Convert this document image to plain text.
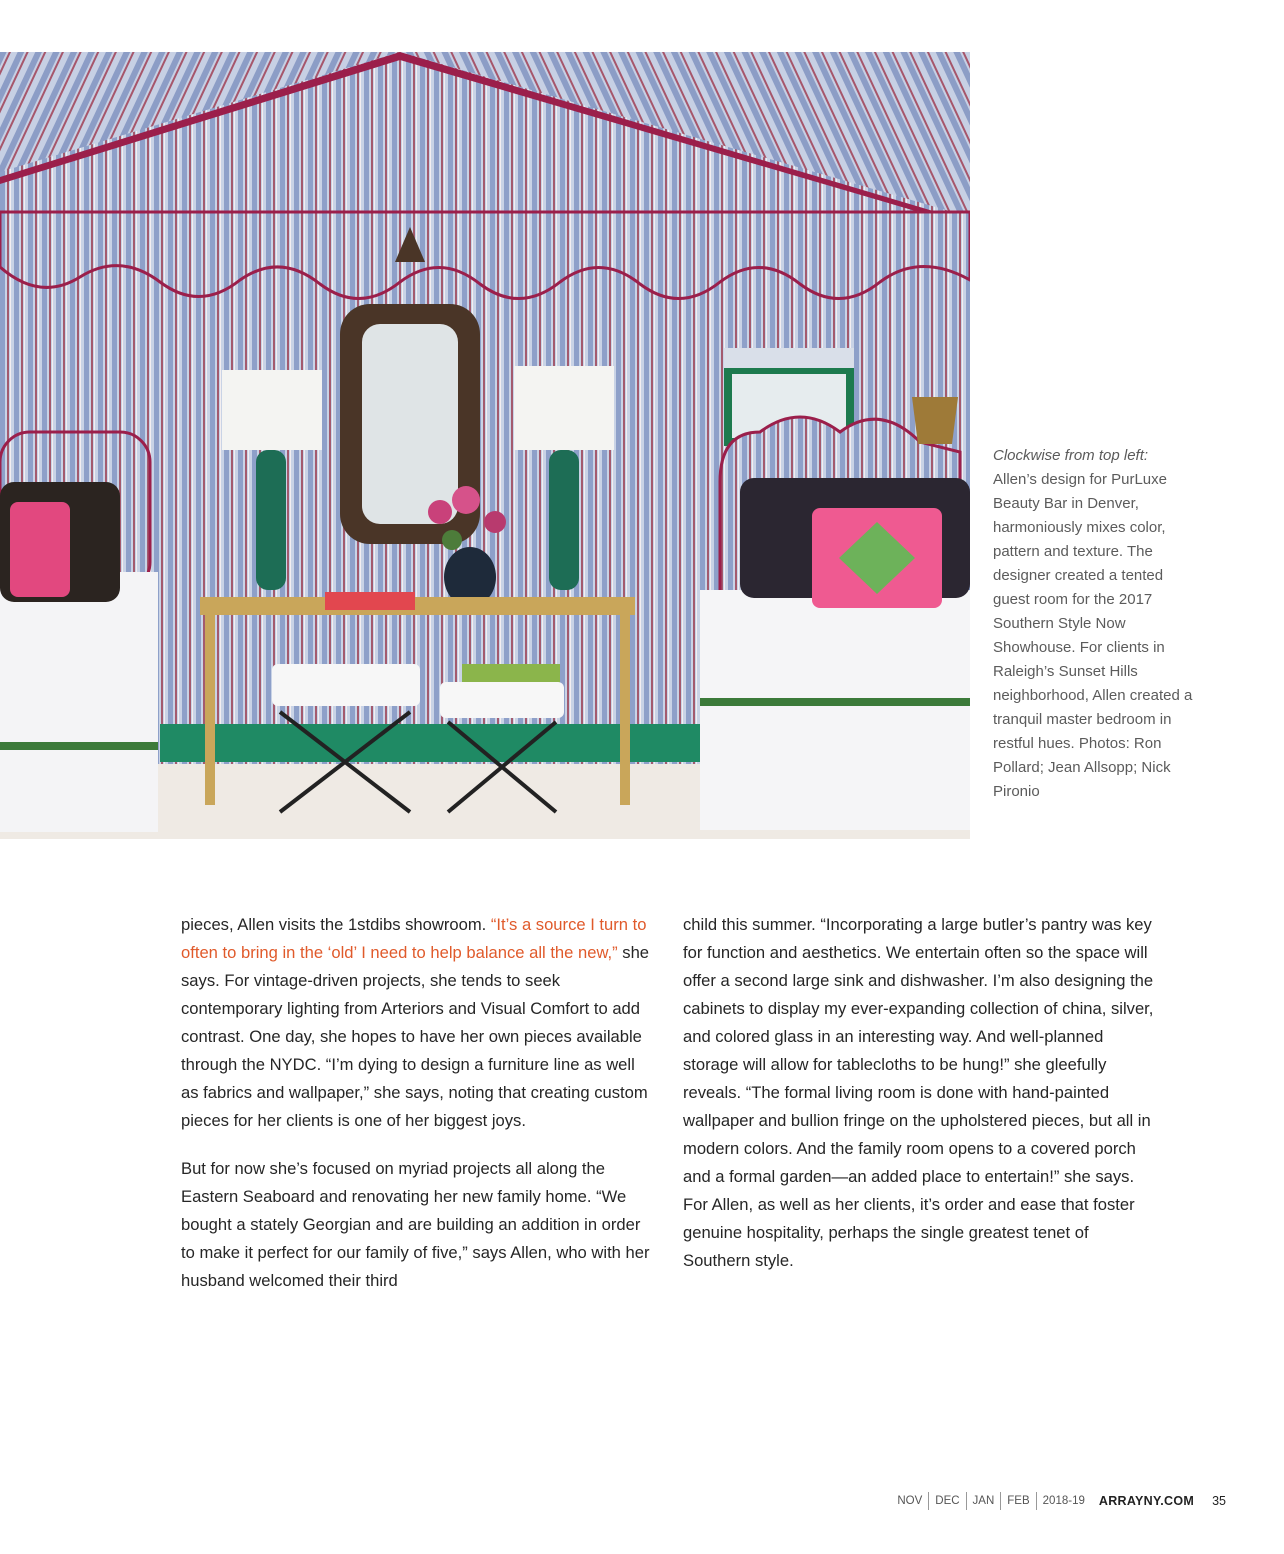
Clockwise from top left:
Allen’s design for PurLuxe Beauty Bar in Denver, harmoniously mixes color, pattern and texture. The designer created a tented guest room for the 2017 Southern Style Now Showhouse. For clients in Raleigh’s Sunset Hills neighborhood, Allen created a tranquil master bedroom in restful hues. Photos: Ron Pollard; Jean Allsopp; Nick Pironio

pieces, Allen visits the 1stdibs showroom. “It’s a source I turn to often to bring in the ‘old’ I need to help balance all the new,” she says. For vintage-driven projects, she tends to seek contemporary lighting from Arteriors and Visual Comfort to add contrast. One day, she hopes to have her own pieces available through the NYDC. “I’m dying to design a furniture line as well as fabrics and wallpaper,” she says, noting that creating custom pieces for her clients is one of her biggest joys.

But for now she’s focused on myriad projects all along the Eastern Seaboard and renovating her new family home. “We bought a stately Georgian and are building an addition in order to make it perfect for our family of five,” says Allen, who with her husband welcomed their third

child this summer. “Incorporating a large butler’s pantry was key for function and aesthetics. We entertain often so the space will offer a second large sink and dishwasher. I’m also designing the cabinets to display my ever-expanding collection of china, silver, and colored glass in an interesting way. And well-planned storage will allow for tablecloths to be hung!” she gleefully reveals. “The formal living room is done with hand-painted wallpaper and bullion fringe on the upholstered pieces, but all in modern colors. And the family room opens to a covered porch and a formal garden—an added place to entertain!” she says. For Allen, as well as her clients, it’s order and ease that foster genuine hospitality, perhaps the single greatest tenet of Southern style.

NOV	DEC	JAN	FEB	2018-19	ARRAYNY.COM 35
